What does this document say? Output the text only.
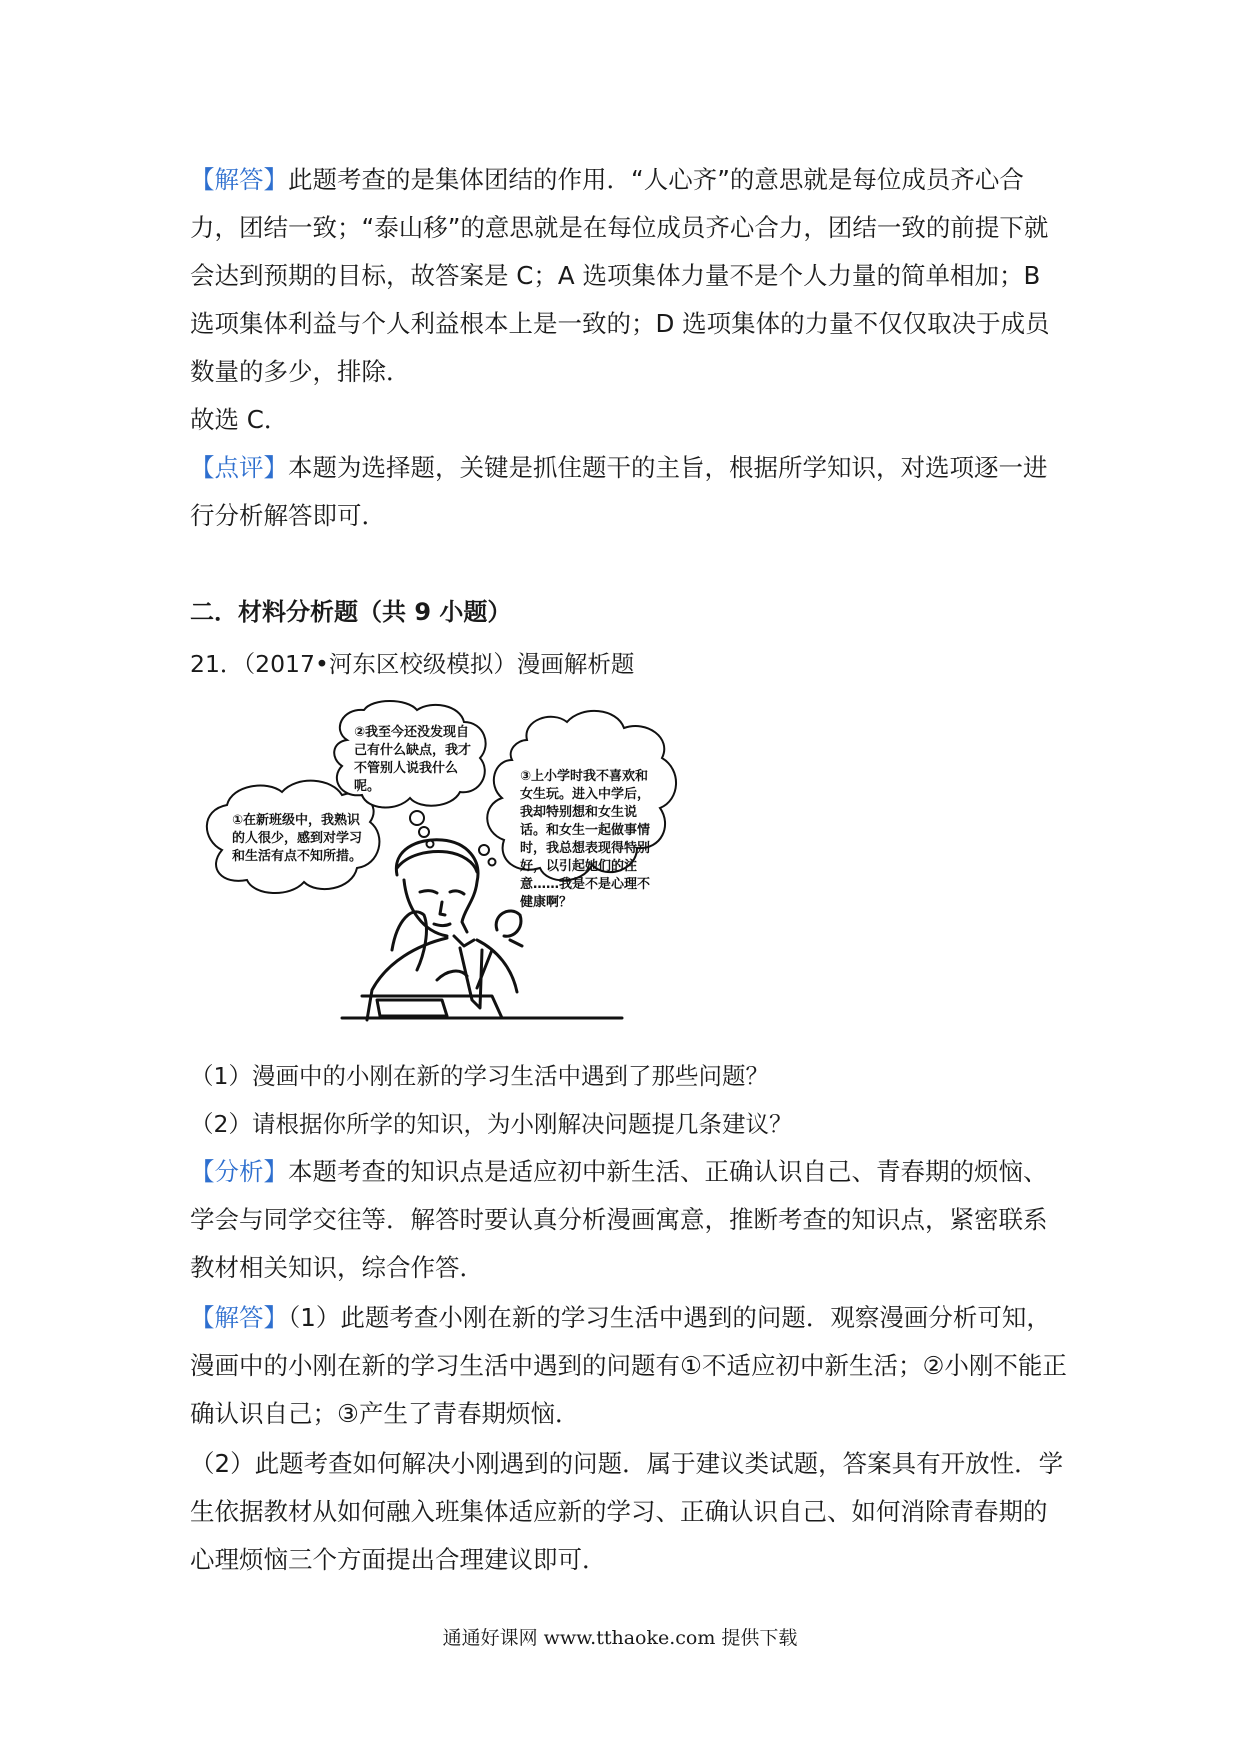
【解答】此题考查的是集体团结的作用．“人心齐”的意思就是每位成员齐心合力，团结一致；“泰山移”的意思就是在每位成员齐心合力，团结一致的前提下就会达到预期的目标，故答案是 C；A 选项集体力量不是个人力量的简单相加；B 选项集体利益与个人利益根本上是一致的；D 选项集体的力量不仅仅取决于成员数量的多少，排除．

故选 C．

【点评】本题为选择题，关键是抓住题干的主旨，根据所学知识，对选项逐一进行分析解答即可．

二．材料分析题（共 9 小题）
21．（2017•河东区校级模拟）漫画解析题
①在新班级中，我熟识的人很少，感到对学习和生活有点不知所措。
②我至今还没发现自己有什么缺点，我才不管别人说我什么呢。
③上小学时我不喜欢和女生玩。进入中学后，我却特别想和女生说话。和女生一起做事情时，我总想表现得特别好，以引起她们的注意……我是不是心理不健康啊？
（1）漫画中的小刚在新的学习生活中遇到了那些问题？
（2）请根据你所学的知识，为小刚解决问题提几条建议？

【分析】本题考查的知识点是适应初中新生活、正确认识自己、青春期的烦恼、学会与同学交往等．解答时要认真分析漫画寓意，推断考查的知识点，紧密联系教材相关知识，综合作答．

【解答】（1）此题考查小刚在新的学习生活中遇到的问题．观察漫画分析可知，漫画中的小刚在新的学习生活中遇到的问题有①不适应初中新生活；②小刚不能正确认识自己；③产生了青春期烦恼．

（2）此题考查如何解决小刚遇到的问题．属于建议类试题，答案具有开放性．学生依据教材从如何融入班集体适应新的学习、正确认识自己、如何消除青春期的心理烦恼三个方面提出合理建议即可．

通通好课网 www.tthaoke.com 提供下载
